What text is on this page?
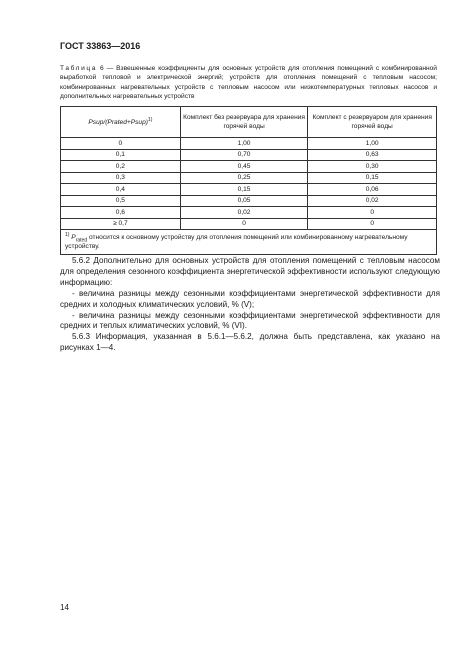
ГОСТ 33863—2016
Таблица 6 — Взвешенные коэффициенты для основных устройств для отопления помещений с комбинированной выработкой тепловой и электрической энергий; устройств для отопления помещений с тепловым насосом; комбинированных нагревательных устройств с тепловым насосом или низкотемпературных тепловых насосов и дополнительных нагревательных устройств
Psup/(Prated+Psup)$^{1)}$	Комплект без резервуара для хранения горячей воды	Комплект с резервуаром для хранения горячей воды
0	1,00	1,00
0,1	0,70	0,63
0,2	0,45	0,30
0,3	0,25	0,15
0,4	0,15	0,06
0,5	0,05	0,02
0,6	0,02	0
≥ 0,7	0	0
$^{1)}$ $P_{rated}$ относится к основному устройству для отопления помещений или комбинированному нагревательному устройству.		

5.6.2 Дополнительно для основных устройств для отопления помещений с тепловым насосом для определения сезонного коэффициента энергетической эффективности используют следующую информацию:

- величина разницы между сезонными коэффициентами энергетической эффективности для средних и холодных климатических условий, % (V);

- величина разницы между сезонными коэффициентами энергетической эффективности для средних и теплых климатических условий, % (VI).

5.6.3 Информация, указанная в 5.6.1—5.6.2, должна быть представлена, как указано на рисунках 1—4.

14
